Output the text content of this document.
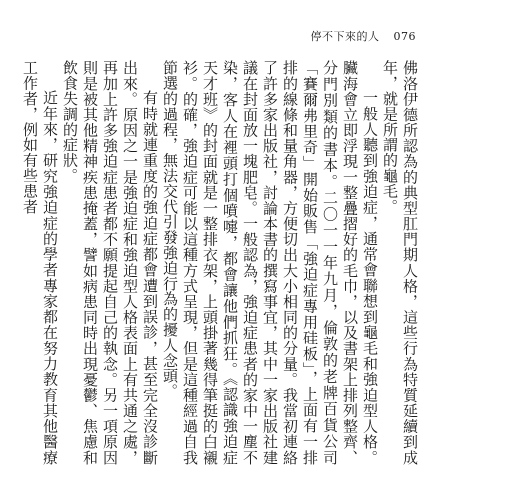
停不下來的人 076

佛洛伊德所認為的典型肛門期人格，這些行為特質延續到成年，就是所謂的龜毛。

一般人聽到強迫症，通常會聯想到龜毛和強迫型人格。臟海會立即浮現一整疊摺好的毛巾，以及書架上排列整齊、分門別類的書本。二〇一一年九月，倫敦的老牌百貨公司「賽爾弗里奇」開始販售「強迫症專用硅板」，上面有一排排的線條和量角器，方便切出大小相同的分量。我當初連絡了許多家出版社，討論本書的撰寫事宜，其中一家出版社建議在封面放一塊肥皂。一般認為，強迫症患者的家中一塵不染，客人在裡頭打個噴嚏，都會讓他們抓狂。《認識強迫症天才班》的封面就是一整排衣架，上頭掛著幾得筆挺的白襯衫。的確，強迫症可能以這種方式呈現，但是這種經過自我節選的過程，無法交代引發強迫行為的擾人念頭。

有時就連重度的強迫症都會遭到誤診，甚至完全沒診斷出來。原因之一是強迫症和強迫型人格表面上有共通之處，再加上許多強迫症患者都不願提起自己的執念。另一項原因則是被其他精神疾患掩蓋，譬如病患同時出現憂鬱、焦慮和飲食失調的症狀。

近年來，研究強迫症的學者專家都在努力教育其他醫療工作者，例如有些患者
